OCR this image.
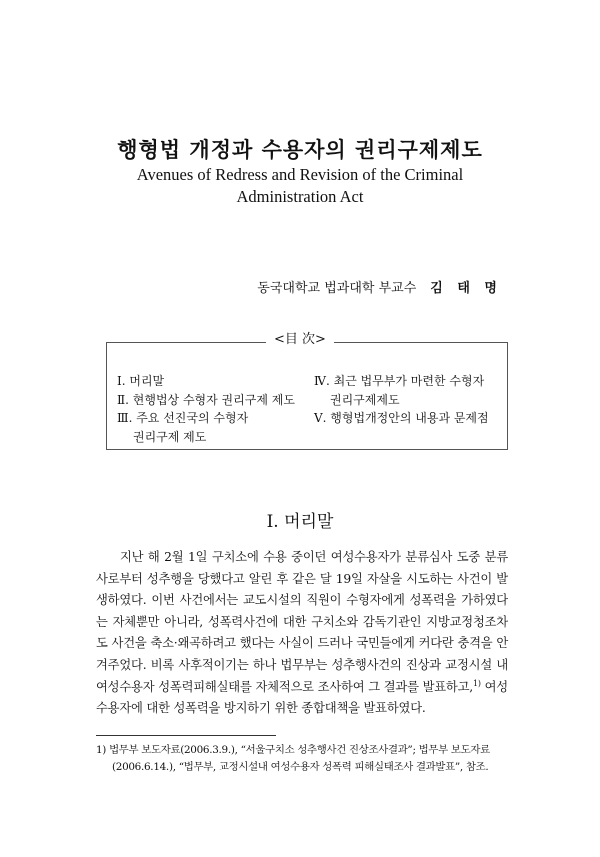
행형법 개정과 수용자의 권리구제제도
Avenues of Redress and Revision of the Criminal
Administration Act
동국대학교 법과대학 부교수 김 태 명
<目 次>
Ⅰ. 머리말
Ⅱ. 현행법상 수형자 권리구제 제도
Ⅲ. 주요 선진국의 수형자
권리구제 제도
Ⅳ. 최근 법무부가 마련한 수형자
권리구제제도
Ⅴ. 행형법개정안의 내용과 문제점
Ⅰ. 머리말
지난 해 2월 1일 구치소에 수용 중이던 여성수용자가 분류심사 도중 분류사로부터 성추행을 당했다고 알린 후 같은 달 19일 자살을 시도하는 사건이 발생하였다. 이번 사건에서는 교도시설의 직원이 수형자에게 성폭력을 가하였다는 자체뿐만 아니라, 성폭력사건에 대한 구치소와 감독기관인 지방교정청조차도 사건을 축소·왜곡하려고 했다는 사실이 드러나 국민들에게 커다란 충격을 안겨주었다. 비록 사후적이기는 하나 법무부는 성추행사건의 진상과 교정시설 내 여성수용자 성폭력피해실태를 자체적으로 조사하여 그 결과를 발표하고,$^{1)}$ 여성수용자에 대한 성폭력을 방지하기 위한 종합대책을 발표하였다.
1) 법무부 보도자료(2006.3.9.), “서울구치소 성추행사건 진상조사결과”; 법무부 보도자료
(2006.6.14.), “법무부, 교정시설내 여성수용자 성폭력 피해실태조사 결과발표”, 참조.
